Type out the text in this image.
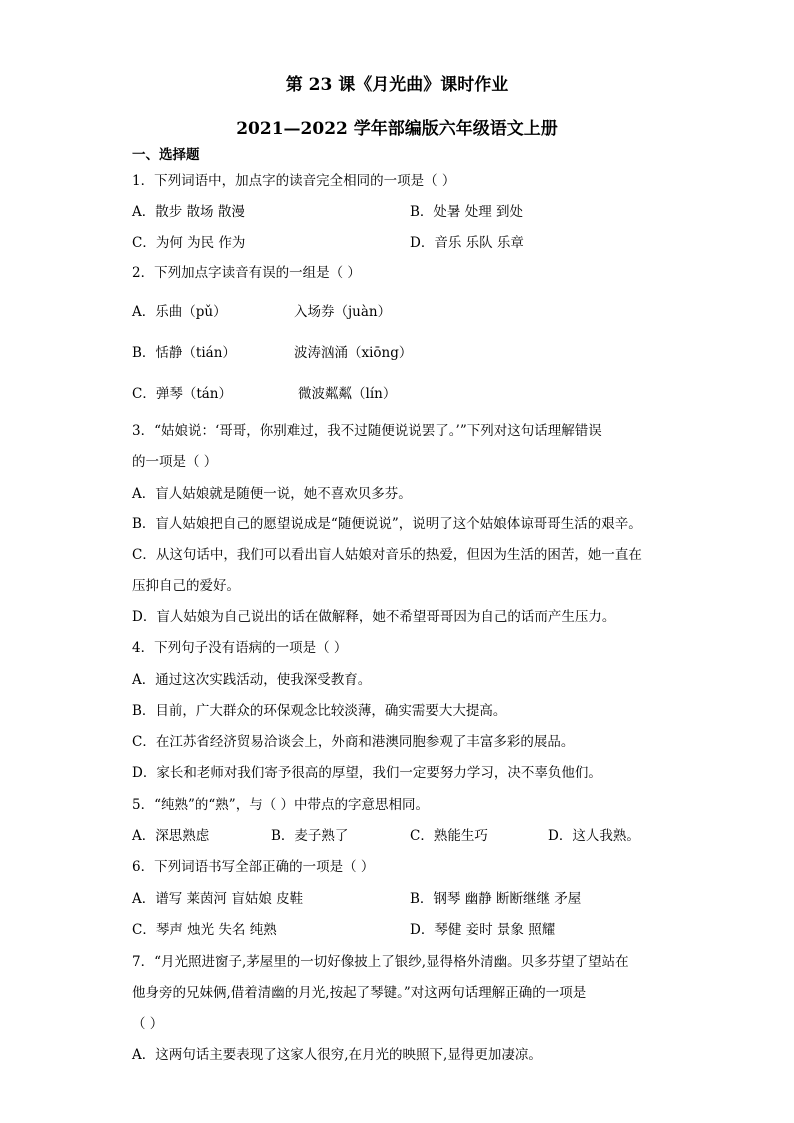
第 23 课《月光曲》课时作业
2021—2022 学年部编版六年级语文上册
一、选择题
1．下列词语中，加点字的读音完全相同的一项是（ ）
A．散步 散场 散漫	B．处暑 处理 到处
C．为何 为民 作为	D．音乐 乐队 乐章
2．下列加点字读音有误的一组是（ ）
A．乐曲（pǔ）	入场券（juàn）
B．恬静（tián）	波涛汹涌（xiōng）
C．弹琴（tán）	微波粼粼（lín）
3．“姑娘说：‘哥哥，你别难过，我不过随便说说罢了。’”下列对这句话理解错误
的一项是（ ）
A．盲人姑娘就是随便一说，她不喜欢贝多芬。
B．盲人姑娘把自己的愿望说成是“随便说说”，说明了这个姑娘体谅哥哥生活的艰辛。
C．从这句话中，我们可以看出盲人姑娘对音乐的热爱，但因为生活的困苦，她一直在
压抑自己的爱好。
D．盲人姑娘为自己说出的话在做解释，她不希望哥哥因为自己的话而产生压力。
4．下列句子没有语病的一项是（ ）
A．通过这次实践活动，使我深受教育。
B．目前，广大群众的环保观念比较淡薄，确实需要大大提高。
C．在江苏省经济贸易洽谈会上，外商和港澳同胞参观了丰富多彩的展品。
D．家长和老师对我们寄予很高的厚望，我们一定要努力学习，决不辜负他们。
5．“纯熟”的“熟”，与（ ）中带点的字意思相同。
A．深思熟虑	B．麦子熟了	C．熟能生巧	D．这人我熟。
6．下列词语书写全部正确的一项是（ ）
A．谱写 莱茵河 盲姑娘 皮鞋	B．钢琴 幽静 断断继继 矛屋
C．琴声 烛光 失名 纯熟	D．琴健 妾时 景象 照耀
7．“月光照进窗子,茅屋里的一切好像披上了银纱,显得格外清幽。贝多芬望了望站在
他身旁的兄妹俩,借着清幽的月光,按起了琴键。”对这两句话理解正确的一项是
（ ）
A．这两句话主要表现了这家人很穷,在月光的映照下,显得更加凄凉。
